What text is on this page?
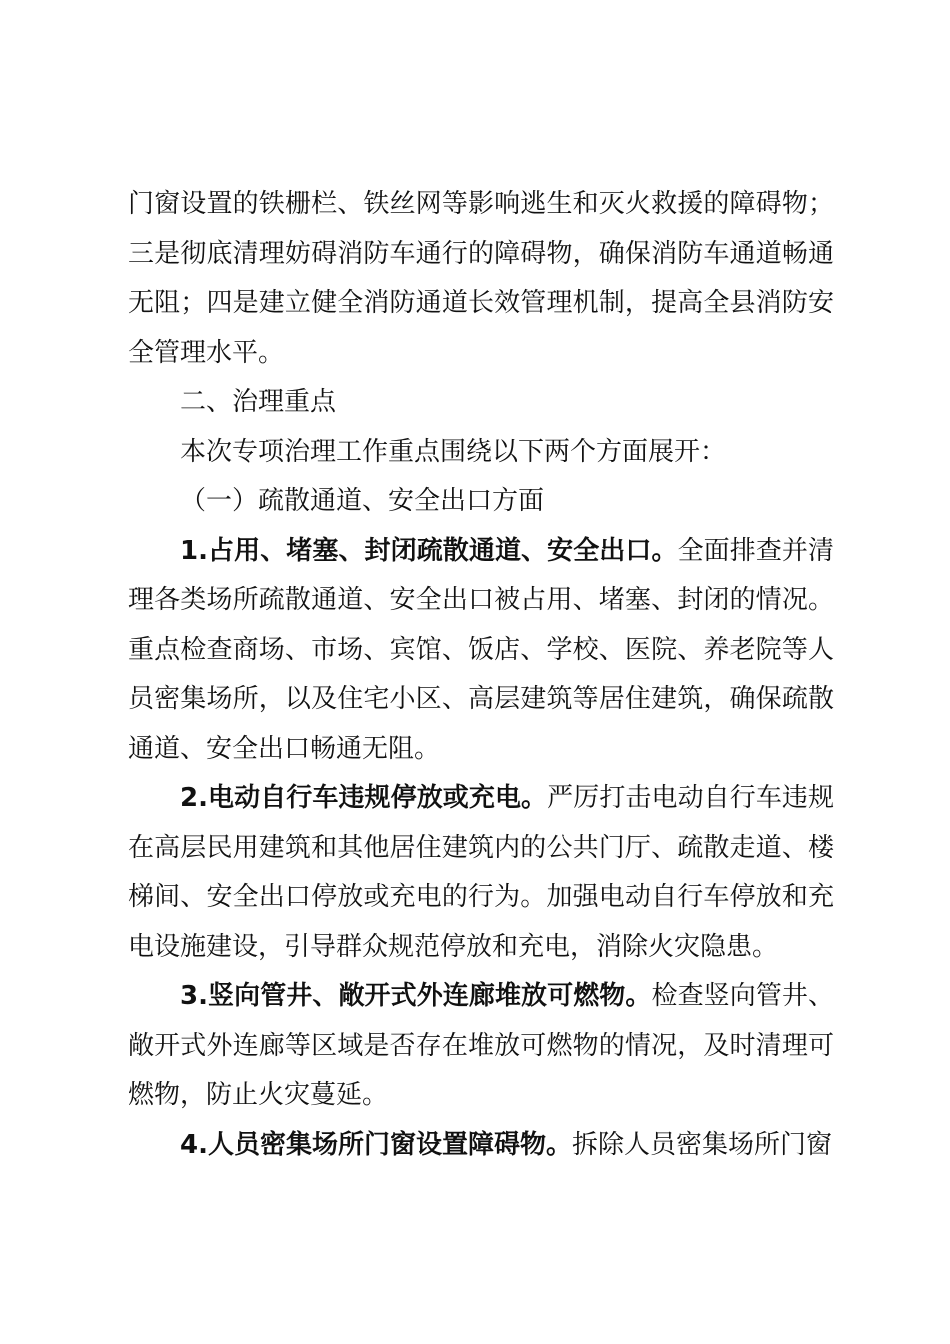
门窗设置的铁栅栏、铁丝网等影响逃生和灭火救援的障碍物；三是彻底清理妨碍消防车通行的障碍物，确保消防车通道畅通无阻；四是建立健全消防通道长效管理机制，提高全县消防安全管理水平。

二、治理重点

本次专项治理工作重点围绕以下两个方面展开：

（一）疏散通道、安全出口方面

1.占用、堵塞、封闭疏散通道、安全出口。全面排查并清理各类场所疏散通道、安全出口被占用、堵塞、封闭的情况。重点检查商场、市场、宾馆、饭店、学校、医院、养老院等人员密集场所，以及住宅小区、高层建筑等居住建筑，确保疏散通道、安全出口畅通无阻。

2.电动自行车违规停放或充电。严厉打击电动自行车违规在高层民用建筑和其他居住建筑内的公共门厅、疏散走道、楼梯间、安全出口停放或充电的行为。加强电动自行车停放和充电设施建设，引导群众规范停放和充电，消除火灾隐患。

3.竖向管井、敞开式外连廊堆放可燃物。检查竖向管井、敞开式外连廊等区域是否存在堆放可燃物的情况，及时清理可燃物，防止火灾蔓延。

4.人员密集场所门窗设置障碍物。拆除人员密集场所门窗
